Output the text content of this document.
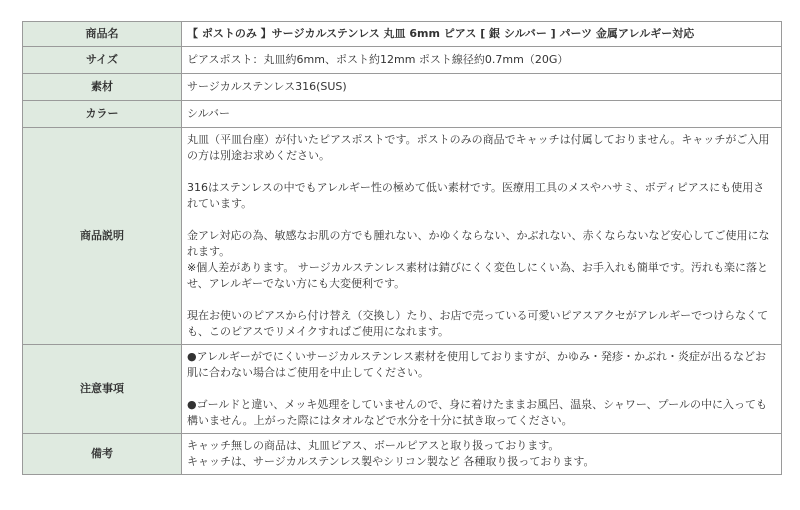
商品名	【 ポストのみ 】サージカルステンレス 丸皿 6mm ピアス [ 銀 シルバー ] パーツ 金属アレルギー対応
サイズ	ピアスポスト：丸皿約6mm、ポスト約12mm ポスト線径約0.7mm（20G）
素材	サージカルステンレス316(SUS)
カラー	シルバー
商品説明	丸皿（平皿台座）が付いたピアスポストです。ポストのみの商品でキャッチは付属しておりません。キャッチがご入用の方は別途お求めください。

316はステンレスの中でもアレルギー性の極めて低い素材です。医療用工具のメスやハサミ、ボディピアスにも使用されています。

金アレ対応の為、敏感なお肌の方でも腫れない、かゆくならない、かぶれない、赤くならないなど安心してご使用になれます。

※個人差があります。 サージカルステンレス素材は錆びにくく変色しにくい為、お手入れも簡単です。汚れも楽に落とせ、アレルギーでない方にも大変便利です。

現在お使いのピアスから付け替え（交換し）たり、お店で売っている可愛いピアスアクセがアレルギーでつけらなくても、このピアスでリメイクすればご使用になれます。

注意事項	●アレルギーがでにくいサージカルステンレス素材を使用しておりますが、かゆみ・発疹・かぶれ・炎症が出るなどお肌に合わない場合はご使用を中止してください。

●ゴールドと違い、メッキ処理をしていませんので、身に着けたままお風呂、温泉、シャワー、プールの中に入っても構いません。上がった際にはタオルなどで水分を十分に拭き取ってください。

備考	キャッチ無しの商品は、丸皿ピアス、ボールピアスと取り扱っております。

キャッチは、サージカルステンレス製やシリコン製など 各種取り扱っております。
